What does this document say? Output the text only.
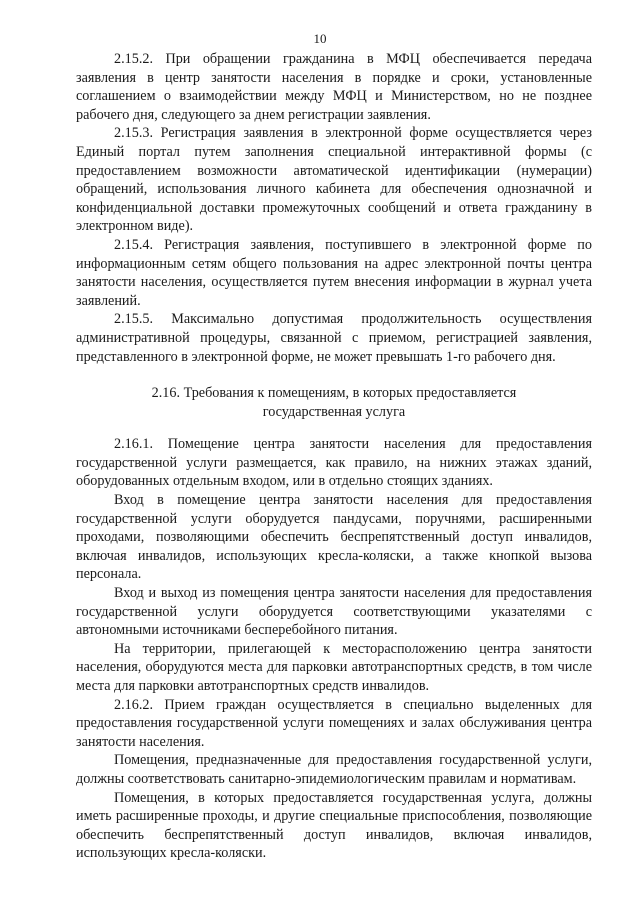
10

2.15.2. При обращении гражданина в МФЦ обеспечивается передача заявления в центр занятости населения в порядке и сроки, установленные соглашением о взаимодействии между МФЦ и Министерством, но не позднее рабочего дня, следующего за днем регистрации заявления.

2.15.3. Регистрация заявления в электронной форме осуществляется через Единый портал путем заполнения специальной интерактивной формы (с предоставлением возможности автоматической идентификации (нумерации) обращений, использования личного кабинета для обеспечения однозначной и конфиденциальной доставки промежуточных сообщений и ответа гражданину в электронном виде).

2.15.4. Регистрация заявления, поступившего в электронной форме по информационным сетям общего пользования на адрес электронной почты центра занятости населения, осуществляется путем внесения информации в журнал учета заявлений.

2.15.5. Максимально допустимая продолжительность осуществления административной процедуры, связанной с приемом, регистрацией заявления, представленного в электронной форме, не может превышать 1-го рабочего дня.

2.16. Требования к помещениям, в которых предоставляется
государственная услуга

2.16.1. Помещение центра занятости населения для предоставления государственной услуги размещается, как правило, на нижних этажах зданий, оборудованных отдельным входом, или в отдельно стоящих зданиях.

Вход в помещение центра занятости населения для предоставления государственной услуги оборудуется пандусами, поручнями, расширенными проходами, позволяющими обеспечить беспрепятственный доступ инвалидов, включая инвалидов, использующих кресла-коляски, а также кнопкой вызова персонала.

Вход и выход из помещения центра занятости населения для предоставления государственной услуги оборудуется соответствующими указателями с автономными источниками бесперебойного питания.

На территории, прилегающей к месторасположению центра занятости населения, оборудуются места для парковки автотранспортных средств, в том числе места для парковки автотранспортных средств инвалидов.

2.16.2. Прием граждан осуществляется в специально выделенных для предоставления государственной услуги помещениях и залах обслуживания центра занятости населения.

Помещения, предназначенные для предоставления государственной услуги, должны соответствовать санитарно-эпидемиологическим правилам и нормативам.

Помещения, в которых предоставляется государственная услуга, должны иметь расширенные проходы, и другие специальные приспособления, позволяющие обеспечить беспрепятственный доступ инвалидов, включая инвалидов, использующих кресла-коляски.
